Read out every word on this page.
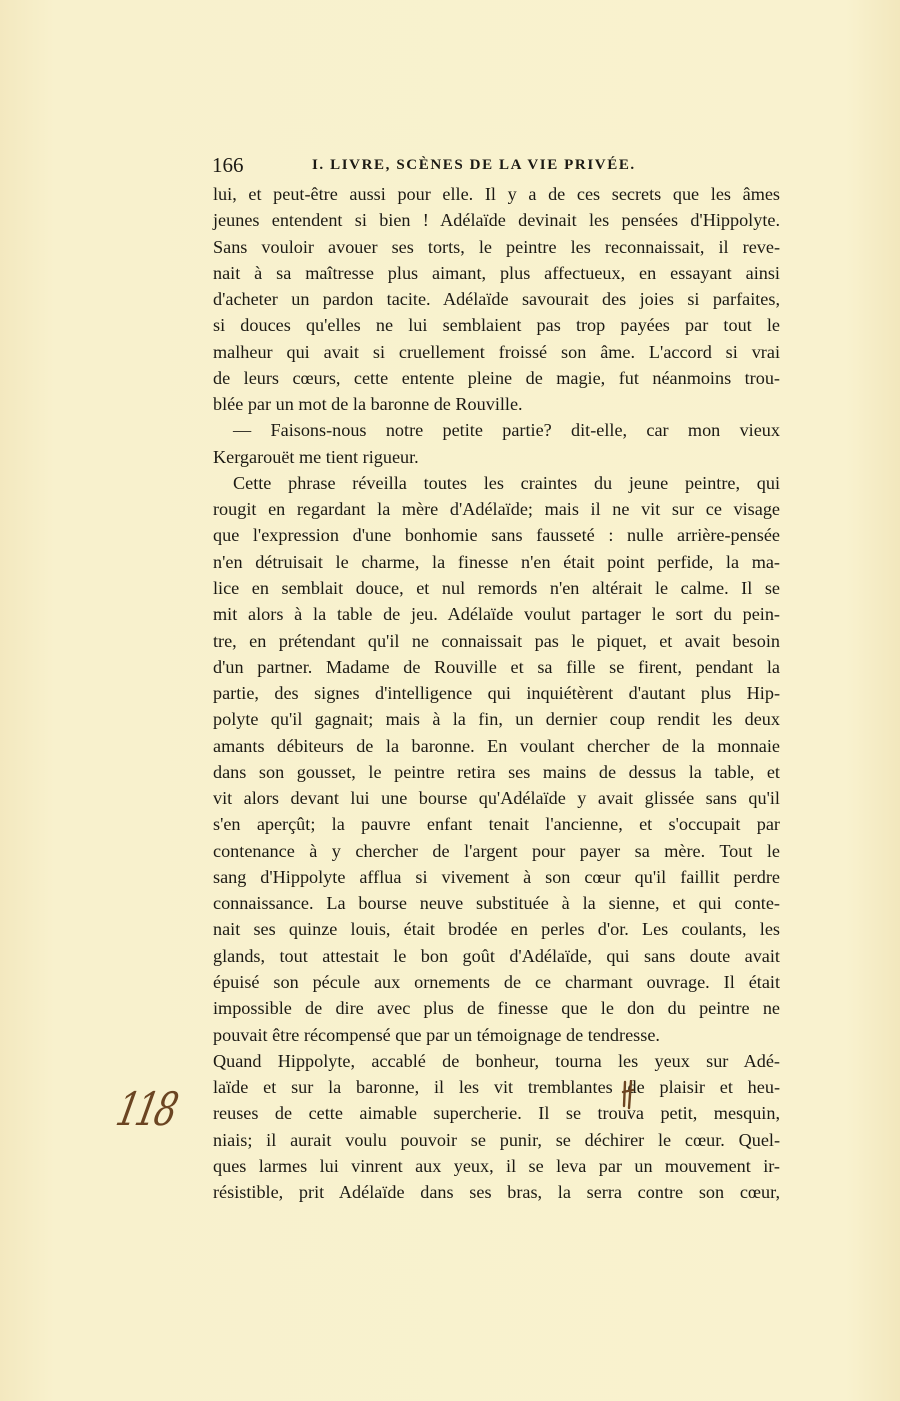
166	I. LIVRE, SCÈNES DE LA VIE PRIVÉE.
lui, et peut-être aussi pour elle. Il y a de ces secrets que les âmes
jeunes entendent si bien ! Adélaïde devinait les pensées d'Hippolyte.
Sans vouloir avouer ses torts, le peintre les reconnaissait, il reve-
nait à sa maîtresse plus aimant, plus affectueux, en essayant ainsi
d'acheter un pardon tacite. Adélaïde savourait des joies si parfaites,
si douces qu'elles ne lui semblaient pas trop payées par tout le
malheur qui avait si cruellement froissé son âme. L'accord si vrai
de leurs cœurs, cette entente pleine de magie, fut néanmoins trou-
blée par un mot de la baronne de Rouville.
— Faisons-nous notre petite partie? dit-elle, car mon vieux
Kergarouët me tient rigueur.
Cette phrase réveilla toutes les craintes du jeune peintre, qui
rougit en regardant la mère d'Adélaïde; mais il ne vit sur ce visage
que l'expression d'une bonhomie sans fausseté : nulle arrière-pensée
n'en détruisait le charme, la finesse n'en était point perfide, la ma-
lice en semblait douce, et nul remords n'en altérait le calme. Il se
mit alors à la table de jeu. Adélaïde voulut partager le sort du pein-
tre, en prétendant qu'il ne connaissait pas le piquet, et avait besoin
d'un partner. Madame de Rouville et sa fille se firent, pendant la
partie, des signes d'intelligence qui inquiétèrent d'autant plus Hip-
polyte qu'il gagnait; mais à la fin, un dernier coup rendit les deux
amants débiteurs de la baronne. En voulant chercher de la monnaie
dans son gousset, le peintre retira ses mains de dessus la table, et
vit alors devant lui une bourse qu'Adélaïde y avait glissée sans qu'il
s'en aperçût; la pauvre enfant tenait l'ancienne, et s'occupait par
contenance à y chercher de l'argent pour payer sa mère. Tout le
sang d'Hippolyte afflua si vivement à son cœur qu'il faillit perdre
connaissance. La bourse neuve substituée à la sienne, et qui conte-
nait ses quinze louis, était brodée en perles d'or. Les coulants, les
glands, tout attestait le bon goût d'Adélaïde, qui sans doute avait
épuisé son pécule aux ornements de ce charmant ouvrage. Il était
impossible de dire avec plus de finesse que le don du peintre ne
pouvait être récompensé que par un témoignage de tendresse.
Quand Hippolyte, accablé de bonheur, tourna les yeux sur Adé-
laïde et sur la baronne, il les vit tremblantes de plaisir et heu-
reuses de cette aimable supercherie. Il se trouva petit, mesquin,
niais; il aurait voulu pouvoir se punir, se déchirer le cœur. Quel-
ques larmes lui vinrent aux yeux, il se leva par un mouvement ir-
résistible, prit Adélaïde dans ses bras, la serra contre son cœur,
118
